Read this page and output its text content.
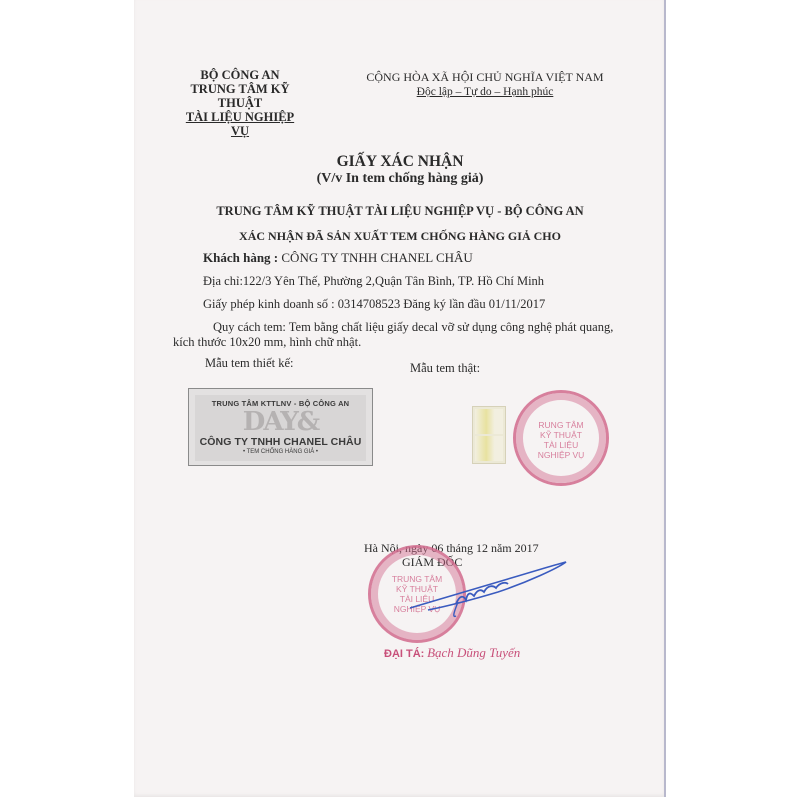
BỘ CÔNG AN
TRUNG TÂM KỸ THUẬT
TÀI LIỆU NGHIỆP VỤ
CỘNG HÒA XÃ HỘI CHỦ NGHĨA VIỆT NAM
Độc lập – Tự do – Hạnh phúc
GIẤY XÁC NHẬN
(V/v In tem chống hàng giả)
TRUNG TÂM KỸ THUẬT TÀI LIỆU NGHIỆP VỤ - BỘ CÔNG AN
XÁC NHẬN ĐÃ SẢN XUẤT TEM CHỐNG HÀNG GIẢ CHO
Khách hàng : CÔNG TY TNHH CHANEL CHÂU
Địa chỉ:122/3 Yên Thế, Phường 2,Quận Tân Bình, TP. Hồ Chí Minh
Giấy phép kinh doanh số : 0314708523 Đăng ký lần đầu 01/11/2017
Quy cách tem: Tem bằng chất liệu giấy decal vỡ sử dụng công nghệ phát quang,
kích thước 10x20 mm, hình chữ nhật.
Mẫu tem thiết kế:	Mẫu tem thật:
TRUNG TÂM KTTLNV - BỘ CÔNG AN
DAY&
CÔNG TY TNHH CHANEL CHÂU
• TEM CHỐNG HÀNG GIẢ •
RUNG TÂM
KỸ THUẬT
TÀI LIỆU
NGHIỆP VỤ
Hà Nội, ngày 06 tháng 12 năm 2017
GIÁM ĐỐC
TRUNG TÂM
KỸ THUẬT
TÀI LIỆU
NGHIỆP VỤ
ĐẠI TÁ: Bạch Dũng Tuyến
